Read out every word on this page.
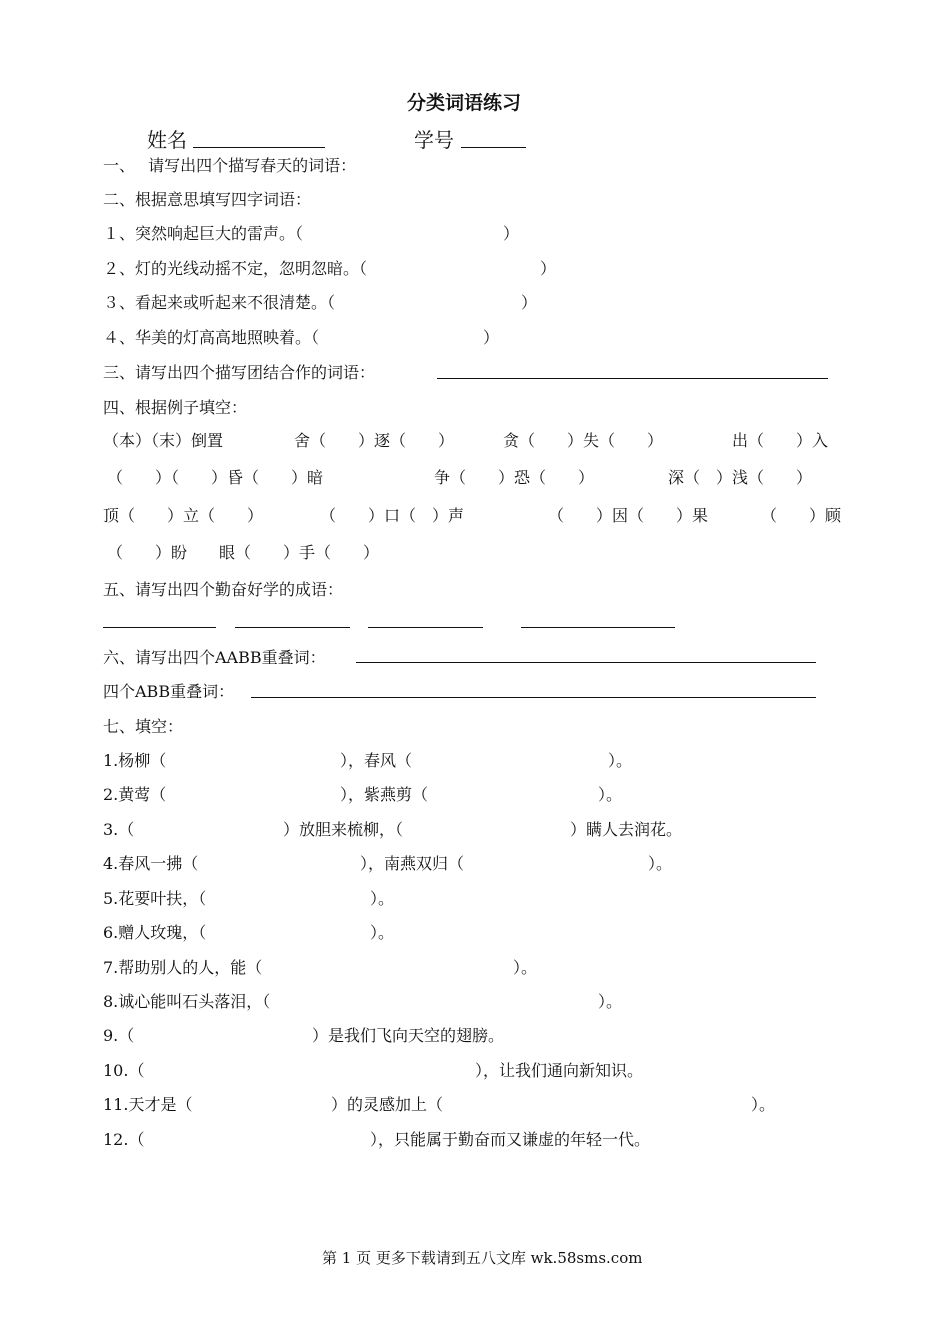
分类词语练习
姓名	学号
一、　 请写出四个描写春天的词语：
二、根据意思填写四字词语：
１、突然响起巨大的雷声。（	）
２、灯的光线动摇不定，忽明忽暗。（	）
３、看起来或听起来不很清楚。（	）
４、华美的灯高高地照映着。（	）
三、请写出四个描写团结合作的词语：
四、根据例子填空：
（本）（末）倒置	舍（　　）逐（　　）	贪（　　）失（　　）	出（　　）入
（　　）（　　）昏（　　）暗	争（　　）恐（　　）	深（　）浅（　　）
顶（　　）立（　　）	（　　）口（　）声	（　　）因（　　）果	（　　）顾
（　　）盼　　眼（　　）手（　　）
五、请写出四个勤奋好学的成语：
六、请写出四个AABB重叠词：
四个ABB重叠词：
七、填空：
1.杨柳（	），春风（	）。
2.黄莺（	），紫燕剪（	）。
3.（	）放胆来梳柳，（	）瞒人去润花。
4.春风一拂（	），南燕双归（	）。
5.花要叶扶，（	）。
6.赠人玫瑰，（	）。
7.帮助别人的人，能（	）。
8.诚心能叫石头落泪，（	）。
9.（	）是我们飞向天空的翅膀。
10.（	），让我们通向新知识。
11.天才是（	）的灵感加上（	）。
12.（	），只能属于勤奋而又谦虚的年轻一代。
第 1 页 更多下载请到五八文库 wk.58sms.com
